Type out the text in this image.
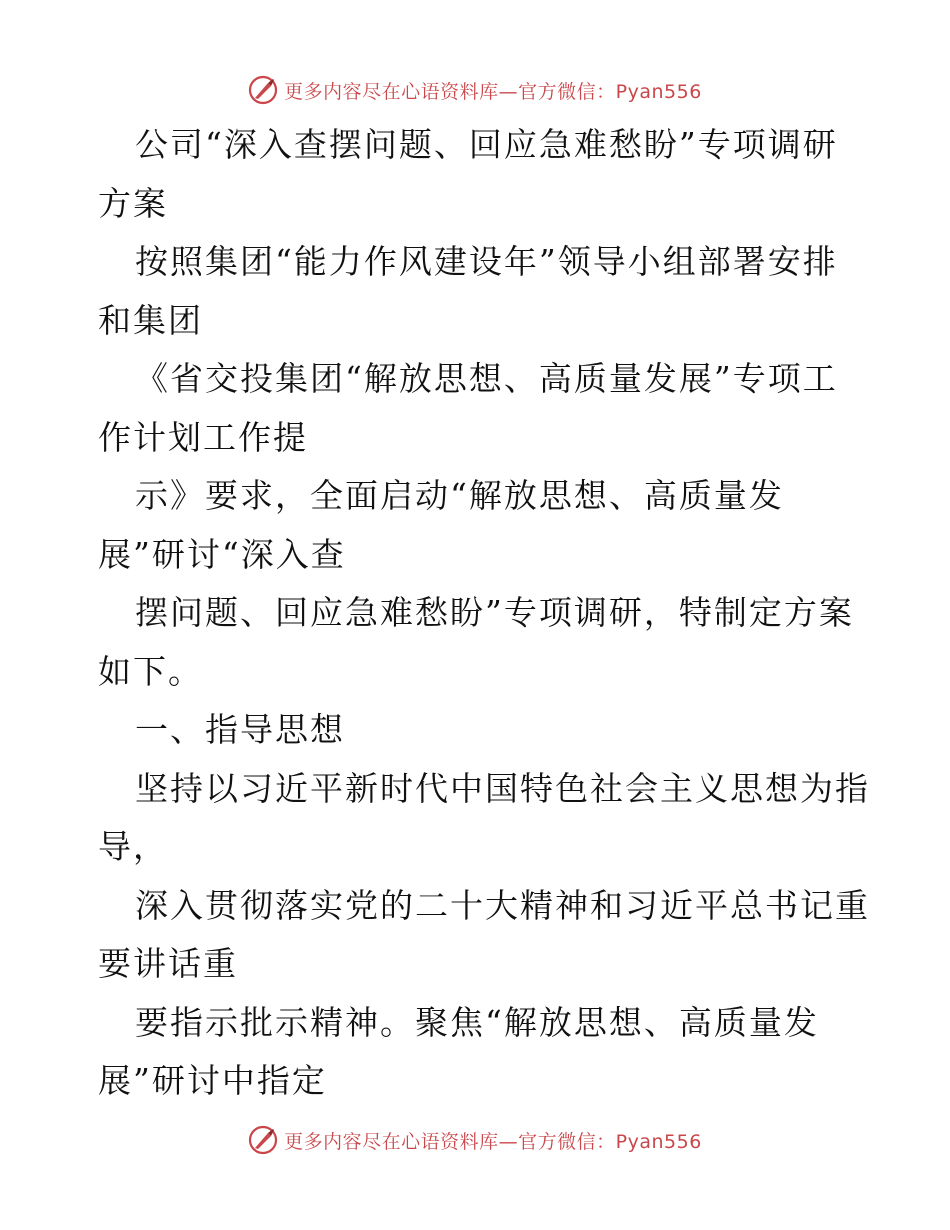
更多内容尽在心语资料库— 官方微信：Pyan556
公司“深入查摆问题、回应急难愁盼”专项调研
方案
按照集团“能力作风建设年”领导小组部署安排
和集团
《省交投集团“解放思想、高质量发展”专项工
作计划工作提
示》要求，全面启动“解放思想、高质量发
展”研讨“深入查
摆问题、回应急难愁盼”专项调研，特制定方案
如下。
一、指导思想
坚持以习近平新时代中国特色社会主义思想为指
导，
深入贯彻落实党的二十大精神和习近平总书记重
要讲话重
要指示批示精神。聚焦“解放思想、高质量发
展”研讨中指定
更多内容尽在心语资料库— 官方微信：Pyan556
